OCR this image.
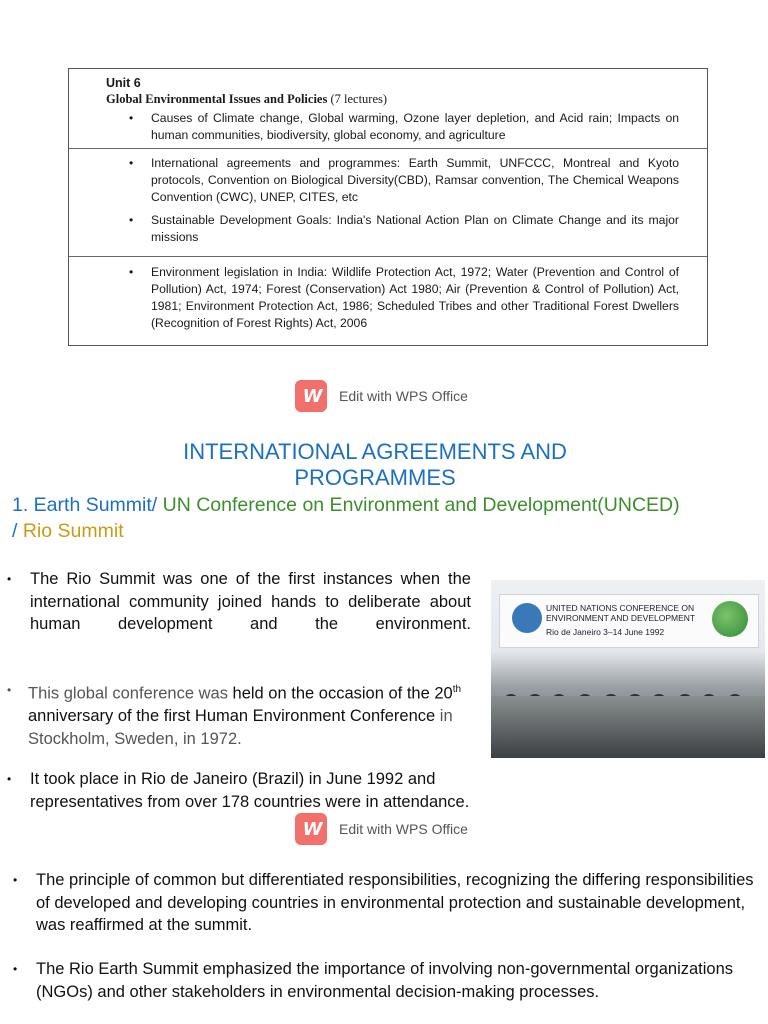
Unit 6
Global Environmental Issues and Policies (7 lectures)
• Causes of Climate change, Global warming, Ozone layer depletion, and Acid rain; Impacts on human communities, biodiversity, global economy, and agriculture
• International agreements and programmes: Earth Summit, UNFCCC, Montreal and Kyoto protocols, Convention on Biological Diversity(CBD), Ramsar convention, The Chemical Weapons Convention (CWC), UNEP, CITES, etc
• Sustainable Development Goals: India's National Action Plan on Climate Change and its major missions
• Environment legislation in India: Wildlife Protection Act, 1972; Water (Prevention and Control of Pollution) Act, 1974; Forest (Conservation) Act 1980; Air (Prevention & Control of Pollution) Act, 1981; Environment Protection Act, 1986; Scheduled Tribes and other Traditional Forest Dwellers (Recognition of Forest Rights) Act, 2006
W	Edit with WPS Office
INTERNATIONAL AGREEMENTS AND
PROGRAMMES
1. Earth Summit/ UN Conference on Environment and Development(UNCED)
/ Rio Summit
• The Rio Summit was one of the first instances when the international community joined hands to deliberate about human development and the environment.
• This global conference was held on the occasion of the 20th anniversary of the first Human Environment Conference in Stockholm, Sweden, in 1972.
• It took place in Rio de Janeiro (Brazil) in June 1992 and representatives from over 178 countries were in attendance.
UNITED NATIONS CONFERENCE ON
ENVIRONMENT AND DEVELOPMENT
Rio de Janeiro 3–14 June 1992
W	Edit with WPS Office
• The principle of common but differentiated responsibilities, recognizing the differing responsibilities of developed and developing countries in environmental protection and sustainable development, was reaffirmed at the summit.
• The Rio Earth Summit emphasized the importance of involving non-governmental organizations (NGOs) and other stakeholders in environmental decision-making processes.
